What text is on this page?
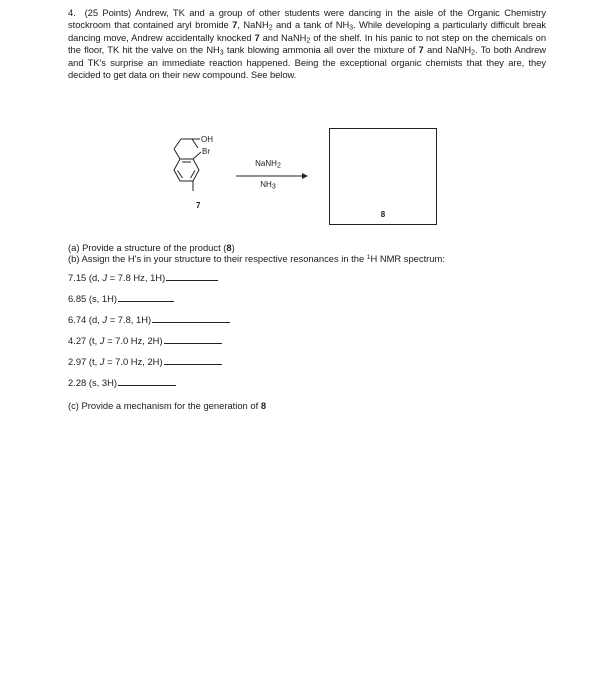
4. (25 Points) Andrew, TK and a group of other students were dancing in the aisle of the Organic Chemistry stockroom that contained aryl bromide 7, NaNH$_2$ and a tank of $NH_3$. While developing a particularly difficult break dancing move, Andrew accidentally knocked 7 and NaNH$_2$ of the shelf. In his panic to not step on the chemicals on the floor, TK hit the valve on the $NH_3$ tank blowing ammonia all over the mixture of 7 and NaNH$_2$. To both Andrew and TK's surprise an immediate reaction happened. Being the exceptional organic chemists that they are, they decided to get data on their new compound. See below.
OH
Br
7
NaNH2
NH3
8
(a) Provide a structure of the product (8)
(b) Assign the H's in your structure to their respective resonances in the $^1$H NMR spectrum:
7.15 (d, J = 7.8 Hz, 1H)
6.85 (s, 1H)
6.74 (d, J = 7.8, 1H)
4.27 (t, J = 7.0 Hz, 2H)
2.97 (t, J = 7.0 Hz, 2H)
2.28 (s, 3H)
(c) Provide a mechanism for the generation of 8
